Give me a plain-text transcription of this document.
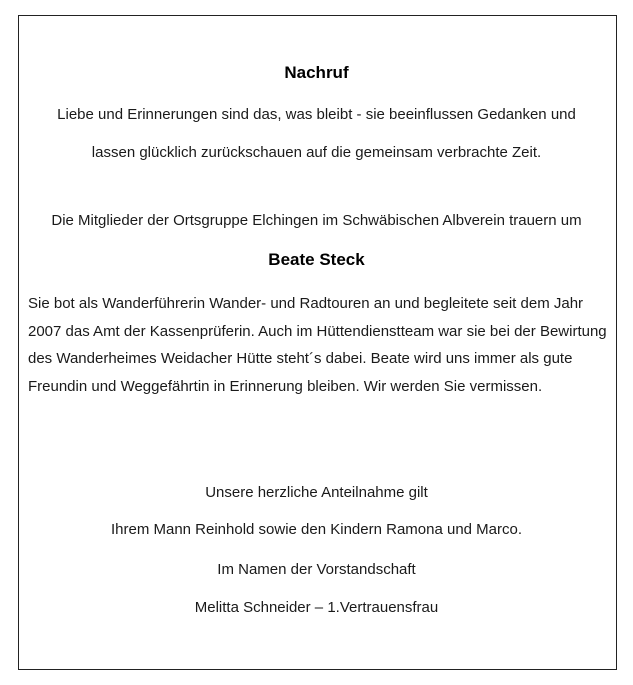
Nachruf
Liebe und Erinnerungen sind das, was bleibt - sie beeinflussen Gedanken und
lassen glücklich zurückschauen auf die gemeinsam verbrachte Zeit.
Die Mitglieder der Ortsgruppe Elchingen im Schwäbischen Albverein trauern um
Beate Steck

Sie bot als Wanderführerin Wander- und Radtouren an und begleitete seit dem Jahr 2007 das Amt der Kassenprüferin. Auch im Hüttendienstteam war sie bei der Bewirtung des Wanderheimes Weidacher Hütte steht´s dabei. Beate wird uns immer als gute Freundin und Weggefährtin in Erinnerung bleiben. Wir werden Sie vermissen.

Unsere herzliche Anteilnahme gilt
Ihrem Mann Reinhold sowie den Kindern Ramona und Marco.
Im Namen der Vorstandschaft
Melitta Schneider – 1.Vertrauensfrau
